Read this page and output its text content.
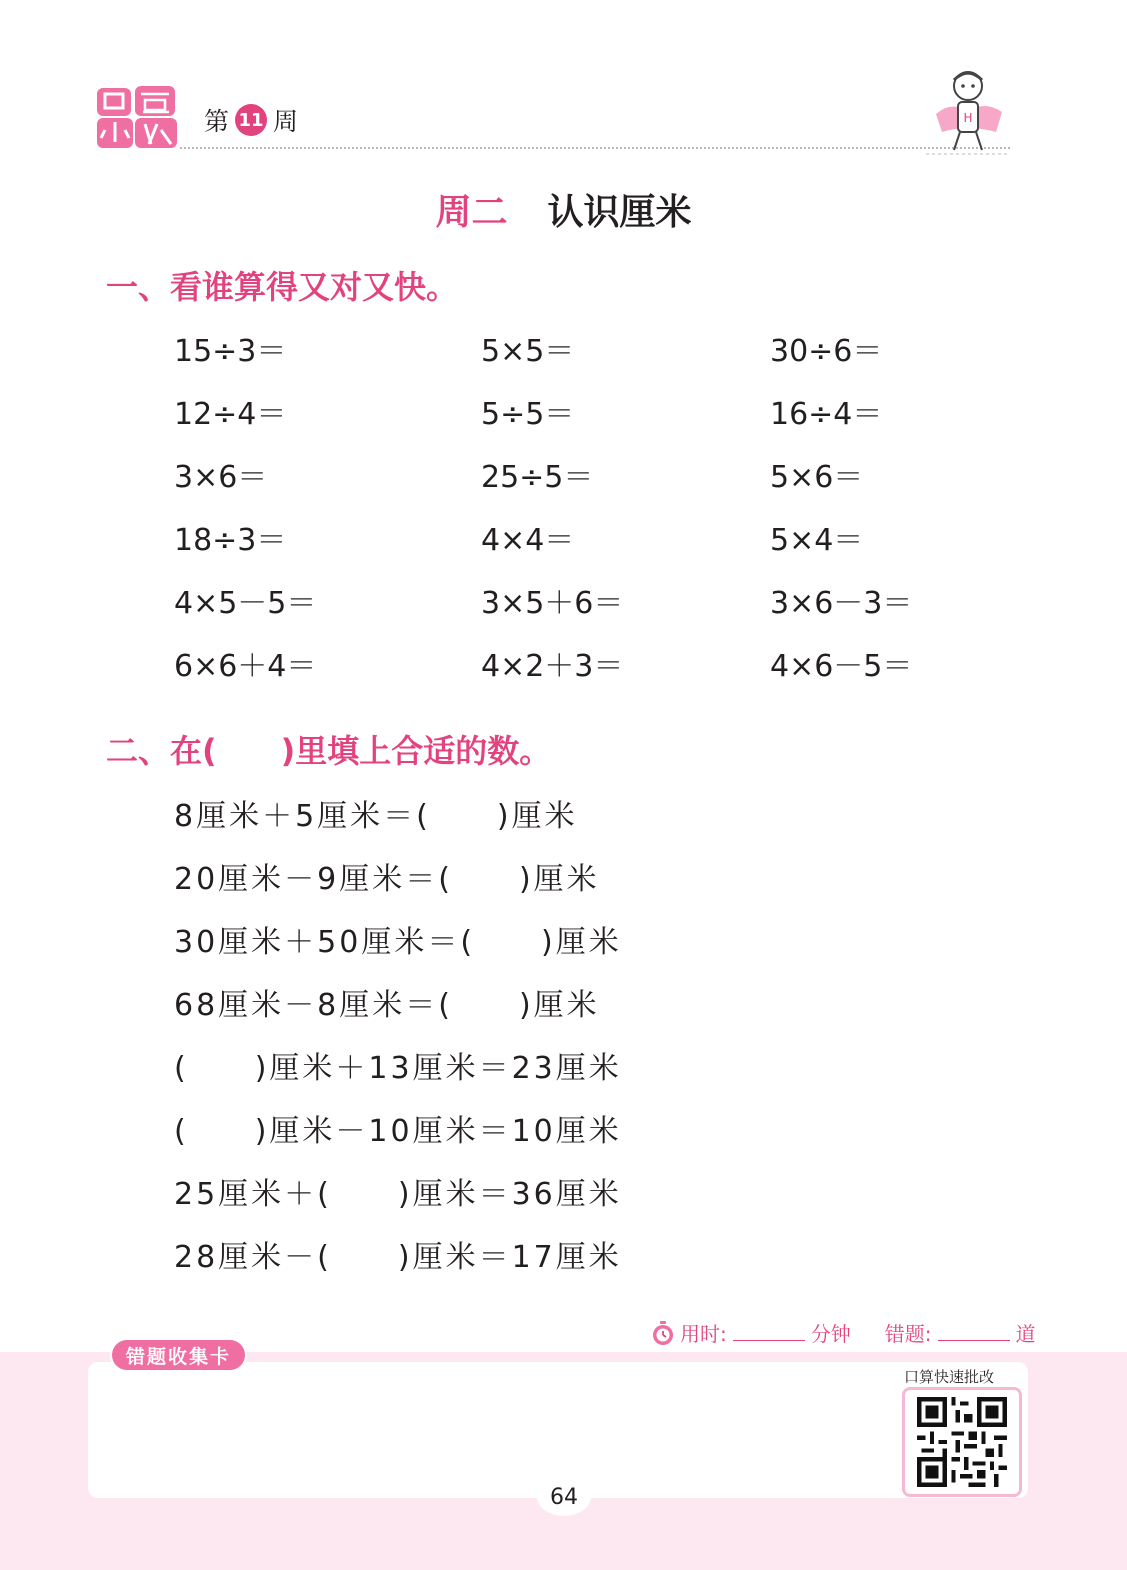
第 11 周	H
周二 认识厘米
一、看谁算得又对又快。
15÷3＝	5×5＝	30÷6＝
12÷4＝	5÷5＝	16÷4＝
3×6＝	25÷5＝	5×6＝
18÷3＝	4×4＝	5×4＝
4×5－5＝	3×5＋6＝	3×6－3＝
6×6＋4＝	4×2＋3＝	4×6－5＝
二、在(　　)里填上合适的数。
8厘米＋5厘米＝(　　)厘米
20厘米－9厘米＝(　　)厘米
30厘米＋50厘米＝(　　)厘米
68厘米－8厘米＝(　　)厘米
(　　)厘米＋13厘米＝23厘米
(　　)厘米－10厘米＝10厘米
25厘米＋(　　)厘米＝36厘米
28厘米－(　　)厘米＝17厘米
错题收集卡
用时:	分钟 错题:	道
口算快速批改
64
